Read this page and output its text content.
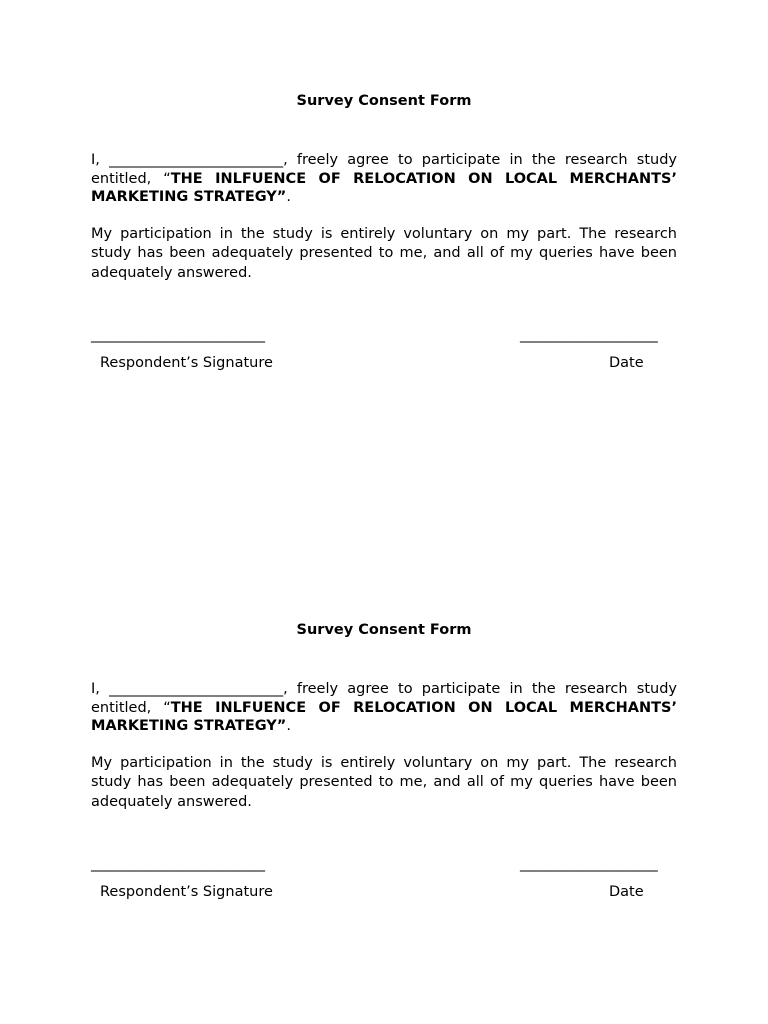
Survey Consent Form

I, ________________________, freely agree to participate in the research study entitled, “THE INLFUENCE OF RELOCATION ON LOCAL MERCHANTS’ MARKETING STRATEGY”.

My participation in the study is entirely voluntary on my part. The research study has been adequately presented to me, and all of my queries have been adequately answered.

________________________	___________________
Respondent’s Signature	Date

Survey Consent Form

I, ________________________, freely agree to participate in the research study entitled, “THE INLFUENCE OF RELOCATION ON LOCAL MERCHANTS’ MARKETING STRATEGY”.

My participation in the study is entirely voluntary on my part. The research study has been adequately presented to me, and all of my queries have been adequately answered.

________________________	___________________
Respondent’s Signature	Date
